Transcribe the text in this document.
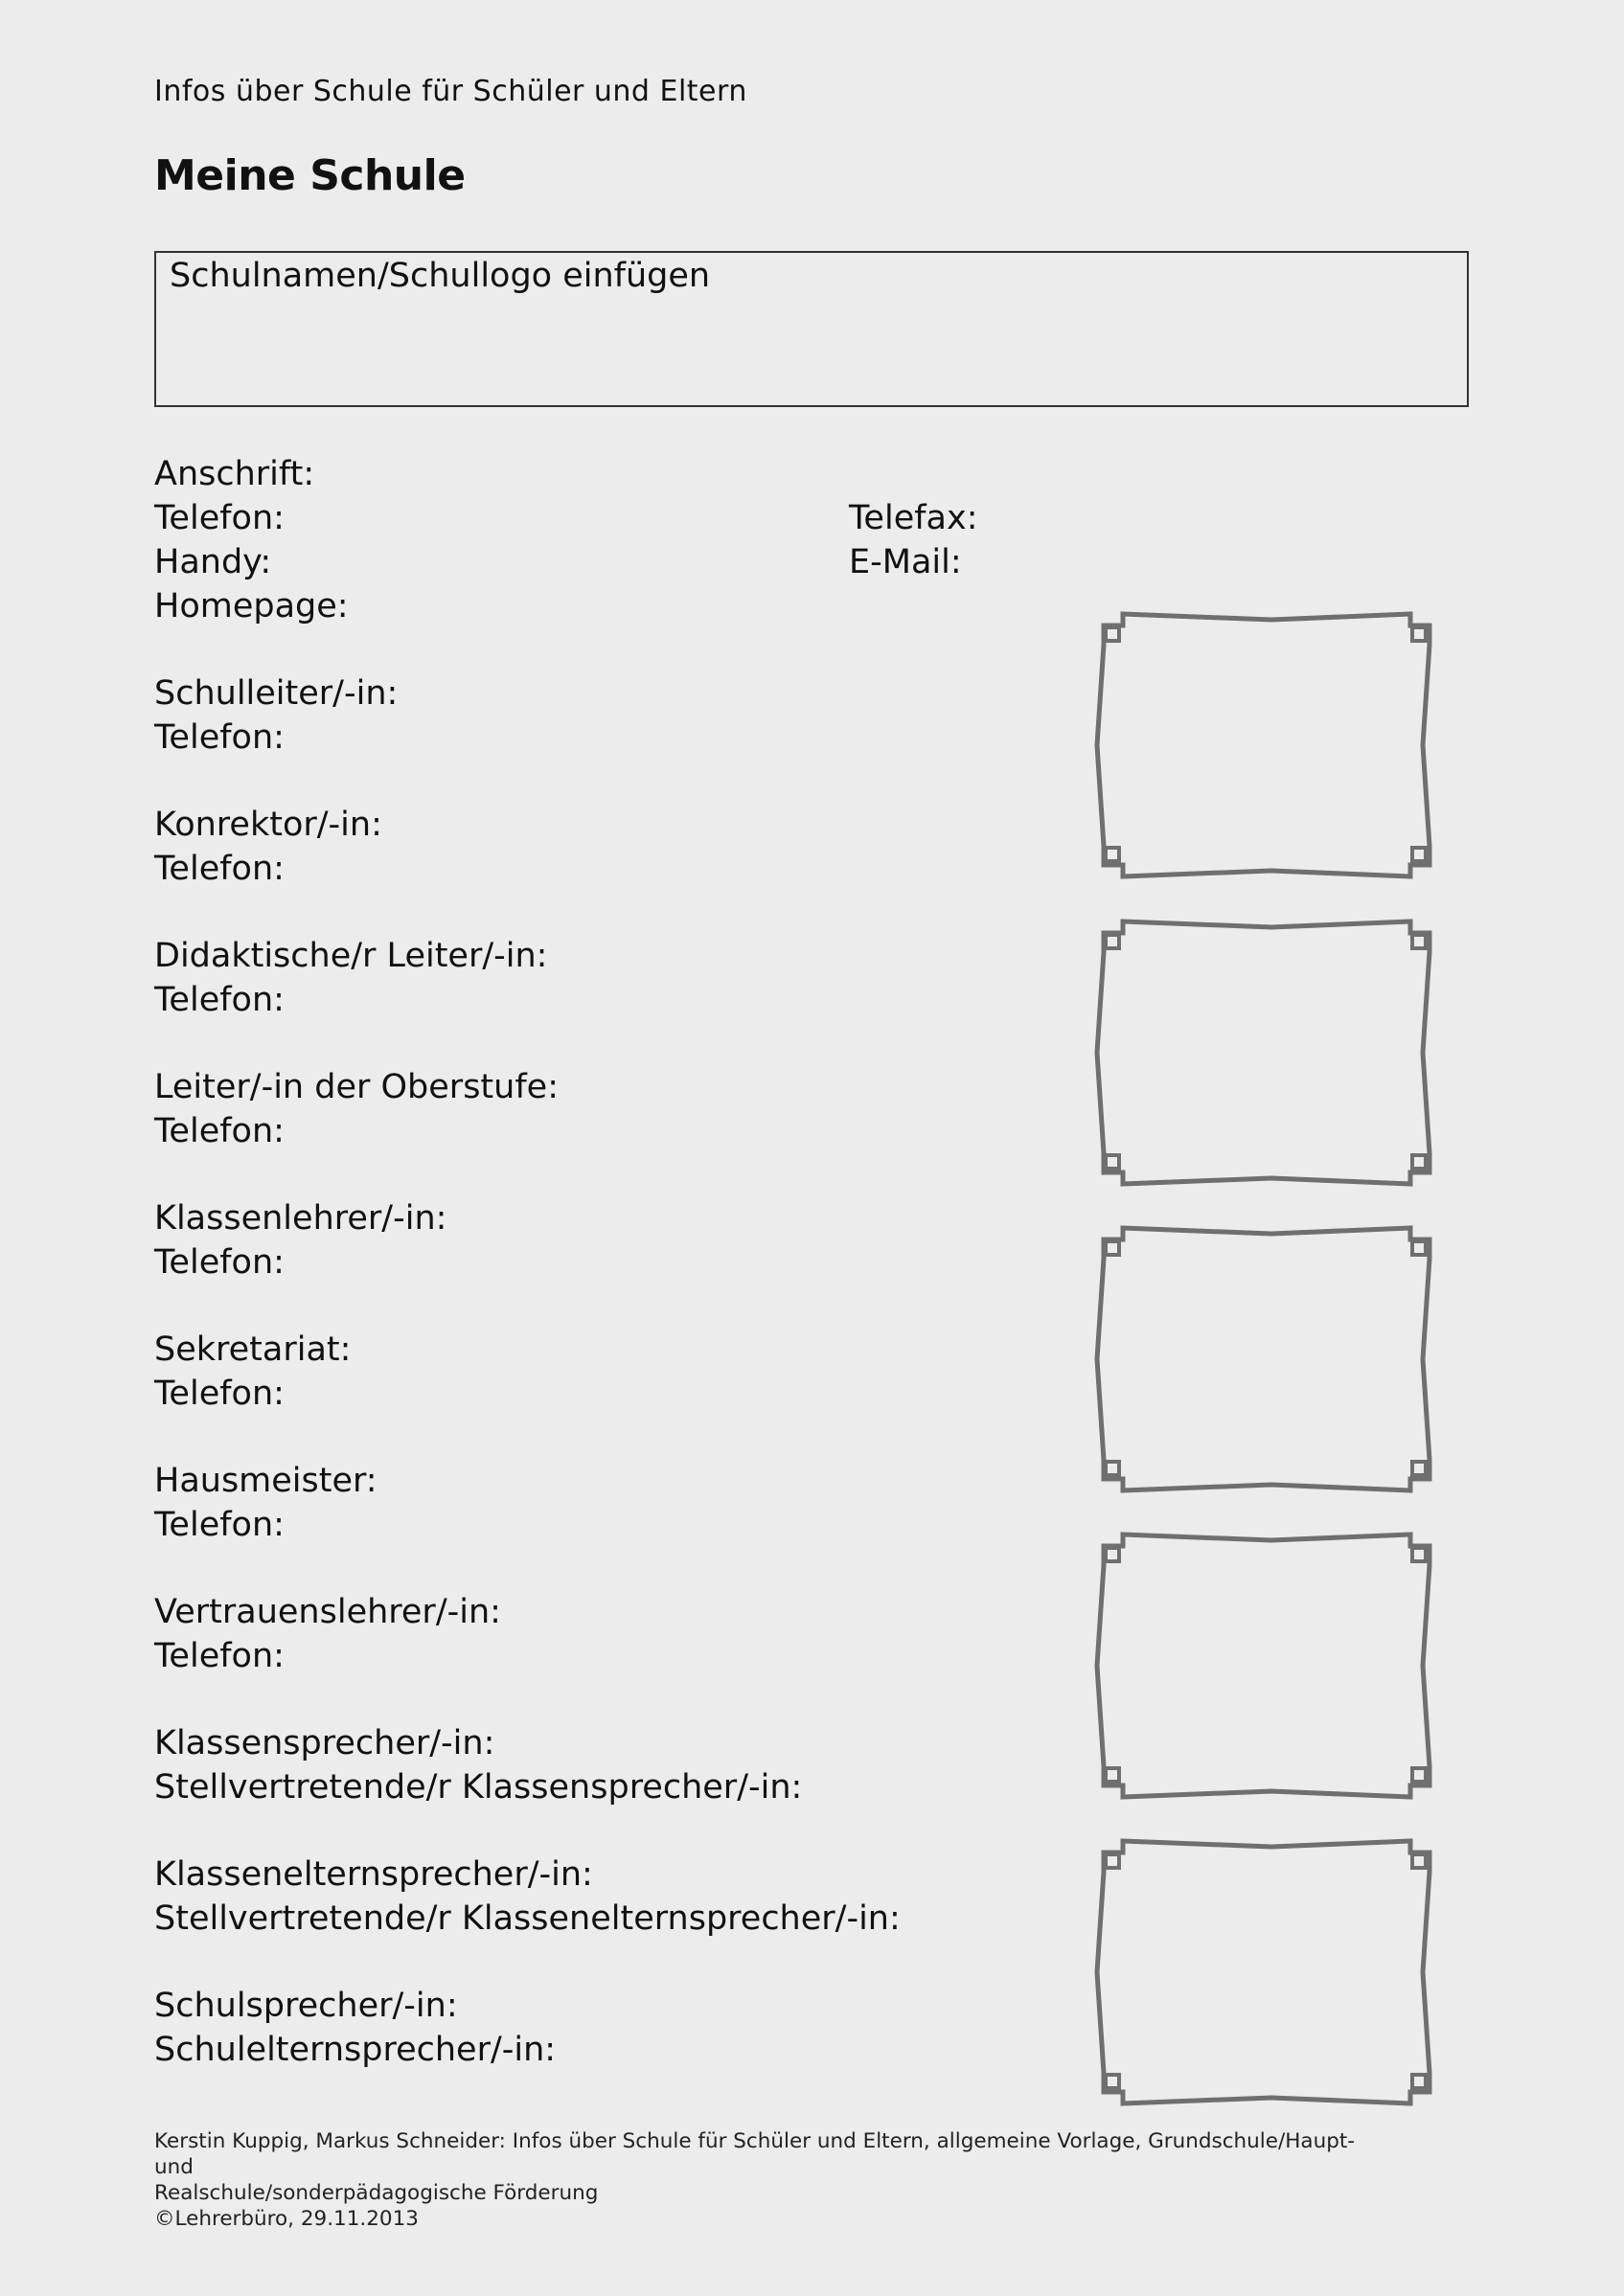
Infos über Schule für Schüler und Eltern
Meine Schule
Schulnamen/Schullogo einfügen
Anschrift:
Telefon:	Telefax:
Handy:	E-Mail:
Homepage:
Schulleiter/-in:
Telefon:
Konrektor/-in:
Telefon:
Didaktische/r Leiter/-in:
Telefon:
Leiter/-in der Oberstufe:
Telefon:
Klassenlehrer/-in:
Telefon:
Sekretariat:
Telefon:
Hausmeister:
Telefon:
Vertrauenslehrer/-in:
Telefon:
Klassensprecher/-in:
Stellvertretende/r Klassensprecher/-in:
Klassenelternsprecher/-in:
Stellvertretende/r Klassenelternsprecher/-in:
Schulsprecher/-in:
Schulelternsprecher/-in:
Kerstin Kuppig, Markus Schneider: Infos über Schule für Schüler und Eltern, allgemeine Vorlage, Grundschule/Haupt- und
Realschule/sonderpädagogische Förderung
©Lehrerbüro, 29.11.2013
